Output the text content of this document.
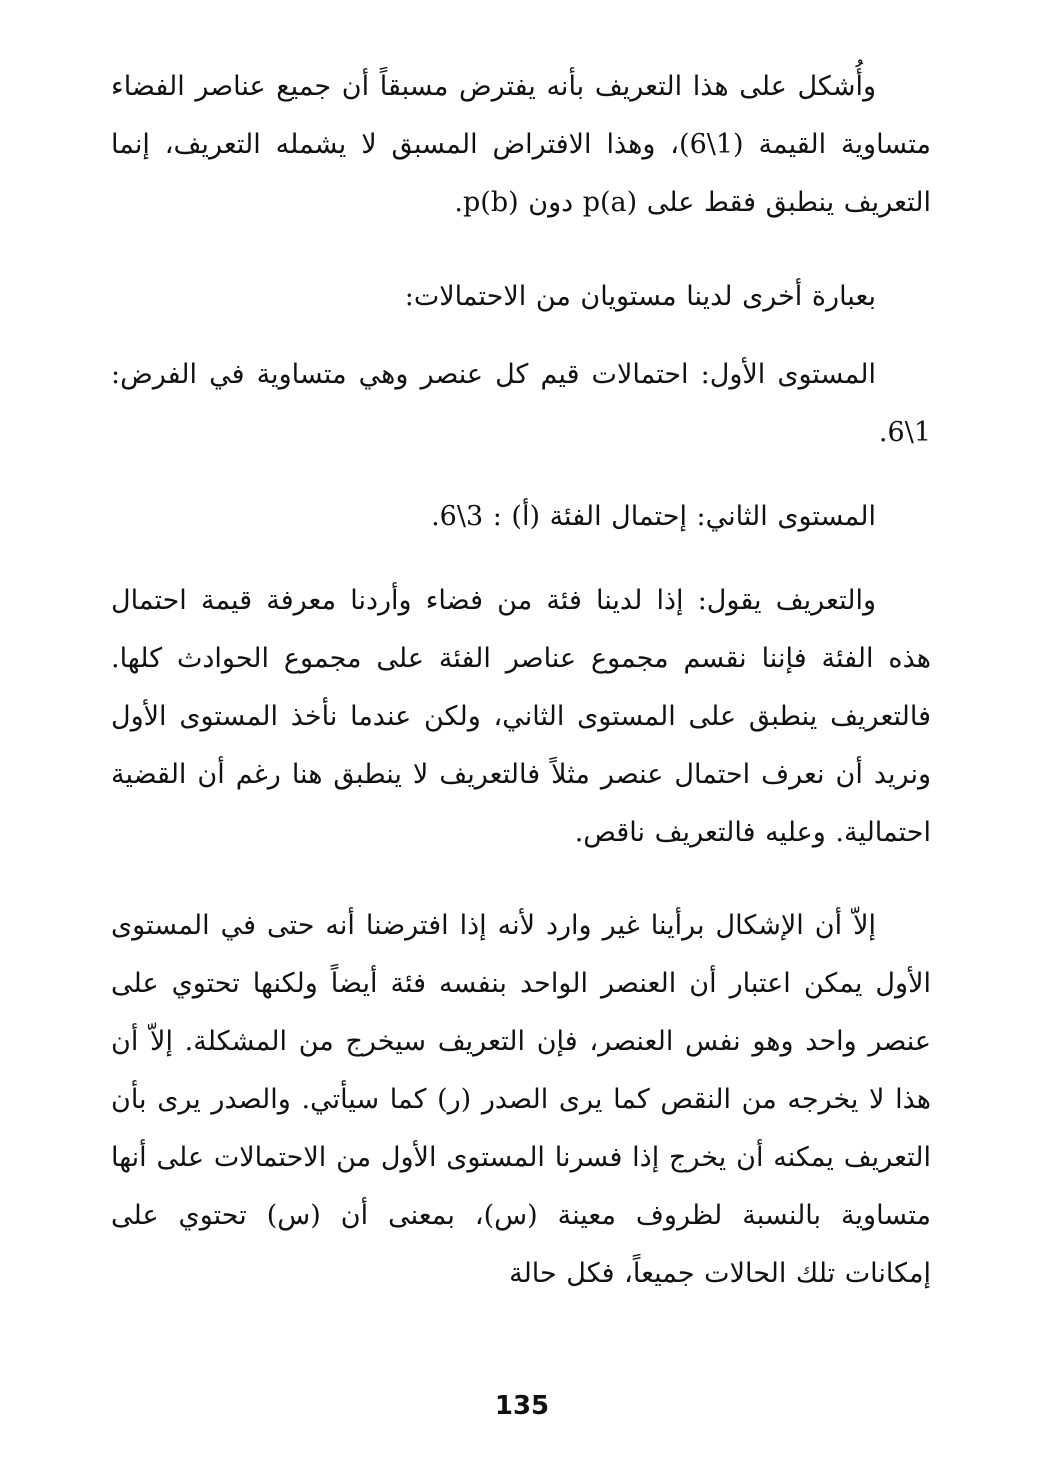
وأُشكل على هذا التعريف بأنه يفترض مسبقاً أن جميع عناصر الفضاء متساوية القيمة (1\6)، وهذا الافتراض المسبق لا يشمله التعريف، إنما التعريف ينطبق فقط على p(a) دون p(b).

بعبارة أخرى لدينا مستويان من الاحتمالات:

المستوى الأول: احتمالات قيم كل عنصر وهي متساوية في الفرض: 1\6.

المستوى الثاني: إحتمال الفئة (أ) : 3\6.

والتعريف يقول: إذا لدينا فئة من فضاء وأردنا معرفة قيمة احتمال هذه الفئة فإننا نقسم مجموع عناصر الفئة على مجموع الحوادث كلها. فالتعريف ينطبق على المستوى الثاني، ولكن عندما نأخذ المستوى الأول ونريد أن نعرف احتمال عنصر مثلاً فالتعريف لا ينطبق هنا رغم أن القضية احتمالية. وعليه فالتعريف ناقص.

إلاّ أن الإشكال برأينا غير وارد لأنه إذا افترضنا أنه حتى في المستوى الأول يمكن اعتبار أن العنصر الواحد بنفسه فئة أيضاً ولكنها تحتوي على عنصر واحد وهو نفس العنصر، فإن التعريف سيخرج من المشكلة. إلاّ أن هذا لا يخرجه من النقص كما يرى الصدر (ر) كما سيأتي. والصدر يرى بأن التعريف يمكنه أن يخرج إذا فسرنا المستوى الأول من الاحتمالات على أنها متساوية بالنسبة لظروف معينة (س)، بمعنى أن (س) تحتوي على إمكانات تلك الحالات جميعاً، فكل حالة

135
